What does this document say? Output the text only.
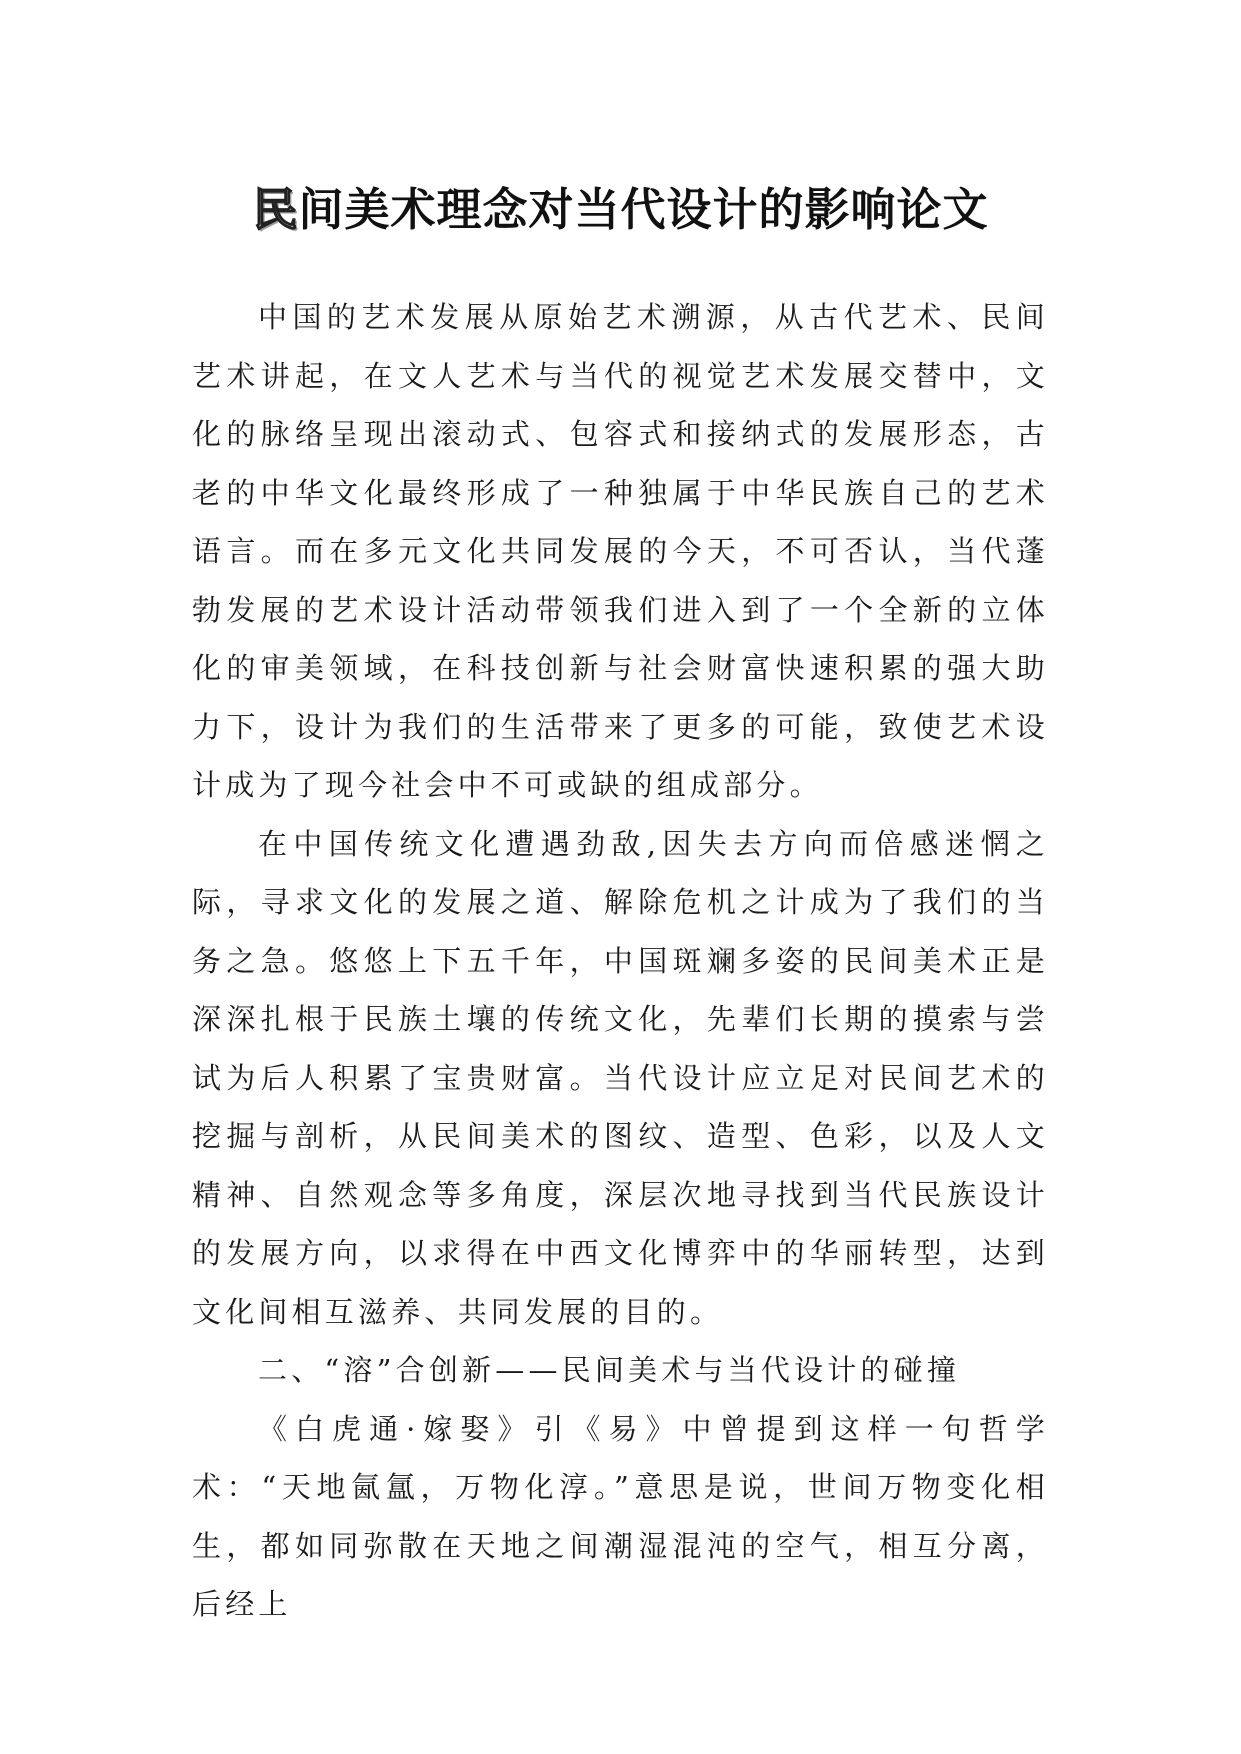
民间美术理念对当代设计的影响论文

中国的艺术发展从原始艺术溯源，从古代艺术、民间艺术讲起，在文人艺术与当代的视觉艺术发展交替中，文化的脉络呈现出滚动式、包容式和接纳式的发展形态，古老的中华文化最终形成了一种独属于中华民族自己的艺术语言。而在多元文化共同发展的今天，不可否认，当代蓬勃发展的艺术设计活动带领我们进入到了一个全新的立体化的审美领域，在科技创新与社会财富快速积累的强大助力下，设计为我们的生活带来了更多的可能，致使艺术设计成为了现今社会中不可或缺的组成部分。

在中国传统文化遭遇劲敌,因失去方向而倍感迷惘之际，寻求文化的发展之道、解除危机之计成为了我们的当务之急。悠悠上下五千年，中国斑斓多姿的民间美术正是深深扎根于民族土壤的传统文化，先辈们长期的摸索与尝试为后人积累了宝贵财富。当代设计应立足对民间艺术的挖掘与剖析，从民间美术的图纹、造型、色彩，以及人文精神、自然观念等多角度，深层次地寻找到当代民族设计的发展方向，以求得在中西文化博弈中的华丽转型，达到文化间相互滋养、共同发展的目的。

二、“溶”合创新——民间美术与当代设计的碰撞

《白虎通·嫁娶》引《易》中曾提到这样一句哲学术：“天地氤氲，万物化淳。”意思是说，世间万物变化相生，都如同弥散在天地之间潮湿混沌的空气，相互分离，后经上
